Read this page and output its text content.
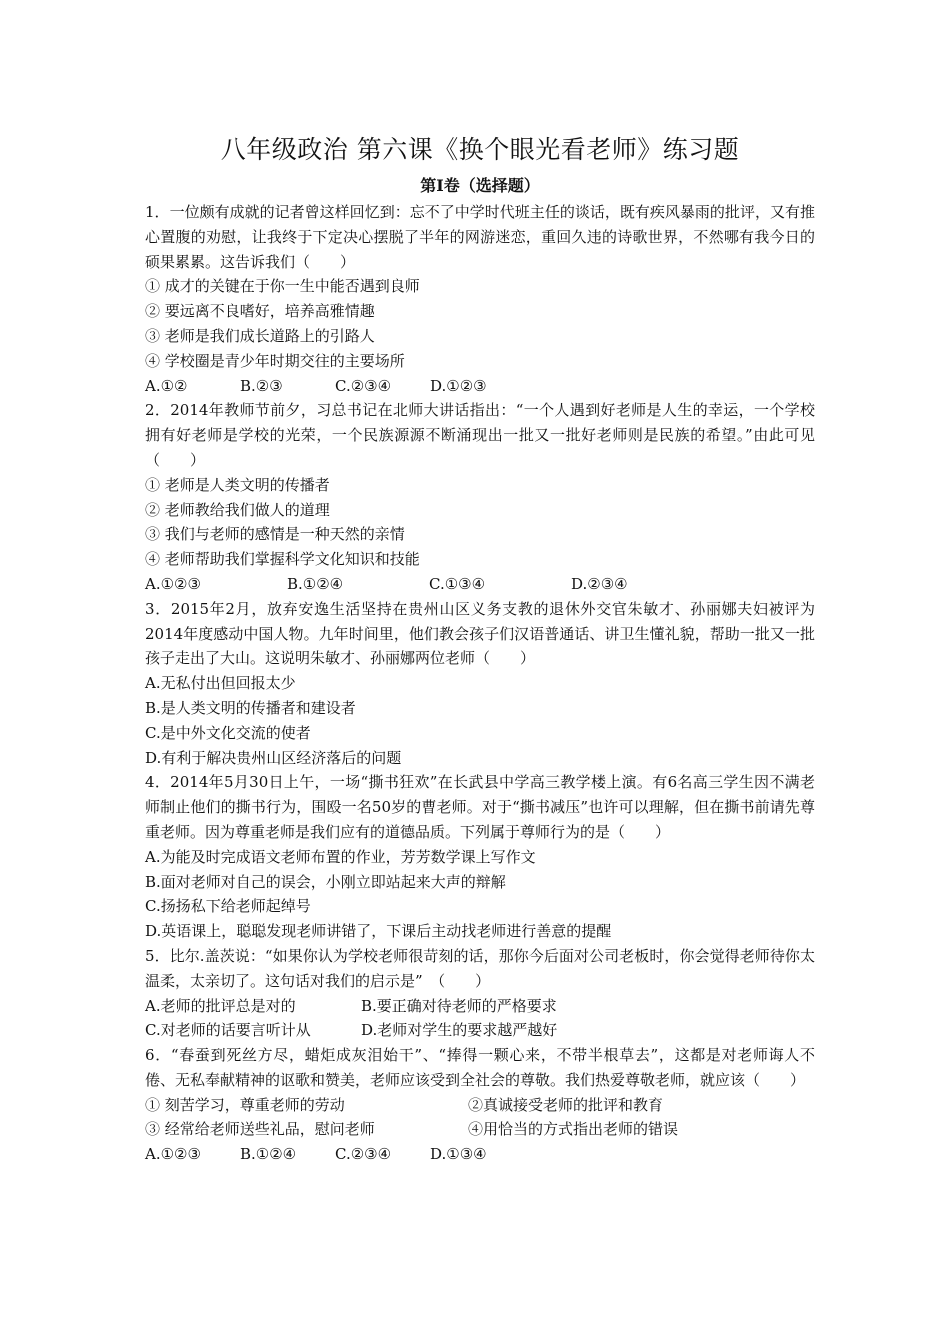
八年级政治 第六课《换个眼光看老师》练习题
第Ⅰ卷（选择题）

1．一位颇有成就的记者曾这样回忆到：忘不了中学时代班主任的谈话，既有疾风暴雨的批评，又有推心置腹的劝慰，让我终于下定决心摆脱了半年的网游迷恋，重回久违的诗歌世界，不然哪有我今日的硕果累累。这告诉我们（　　）

① 成才的关键在于你一生中能否遇到良师

② 要远离不良嗜好，培养高雅情趣

③ 老师是我们成长道路上的引路人

④ 学校圈是青少年时期交往的主要场所

A.①②	B.②③	C.②③④	D.①②③

2．2014年教师节前夕，习总书记在北师大讲话指出：“一个人遇到好老师是人生的幸运，一个学校拥有好老师是学校的光荣，一个民族源源不断涌现出一批又一批好老师则是民族的希望。”由此可见（　　）

① 老师是人类文明的传播者

② 老师教给我们做人的道理

③ 我们与老师的感情是一种天然的亲情

④ 老师帮助我们掌握科学文化知识和技能

A.①②③	B.①②④	C.①③④	D.②③④

3．2015年2月，放弃安逸生活坚持在贵州山区义务支教的退休外交官朱敏才、孙丽娜夫妇被评为2014年度感动中国人物。九年时间里，他们教会孩子们汉语普通话、讲卫生懂礼貌，帮助一批又一批孩子走出了大山。这说明朱敏才、孙丽娜两位老师（　　）

A.无私付出但回报太少

B.是人类文明的传播者和建设者

C.是中外文化交流的使者

D.有利于解决贵州山区经济落后的问题

4．2014年5月30日上午，一场“撕书狂欢”在长武县中学高三教学楼上演。有6名高三学生因不满老师制止他们的撕书行为，围殴一名50岁的曹老师。对于“撕书减压”也许可以理解，但在撕书前请先尊重老师。因为尊重老师是我们应有的道德品质。下列属于尊师行为的是（　　）

A.为能及时完成语文老师布置的作业，芳芳数学课上写作文

B.面对老师对自己的误会，小刚立即站起来大声的辩解

C.扬扬私下给老师起绰号

D.英语课上，聪聪发现老师讲错了，下课后主动找老师进行善意的提醒

5．比尔.盖茨说：“如果你认为学校老师很苛刻的话，那你今后面对公司老板时，你会觉得老师待你太温柔，太亲切了。这句话对我们的启示是”　（　　）

A.老师的批评总是对的	B.要正确对待老师的严格要求
C.对老师的话要言听计从	D.老师对学生的要求越严越好

6．“春蚕到死丝方尽，蜡炬成灰泪始干”、“捧得一颗心来，不带半根草去”，这都是对老师诲人不倦、无私奉献精神的讴歌和赞美，老师应该受到全社会的尊敬。我们热爱尊敬老师，就应该（　　）

① 刻苦学习，尊重老师的劳动	②真诚接受老师的批评和教育
③ 经常给老师送些礼品，慰问老师	④用恰当的方式指出老师的错误
A.①②③	B.①②④	C.②③④	D.①③④
